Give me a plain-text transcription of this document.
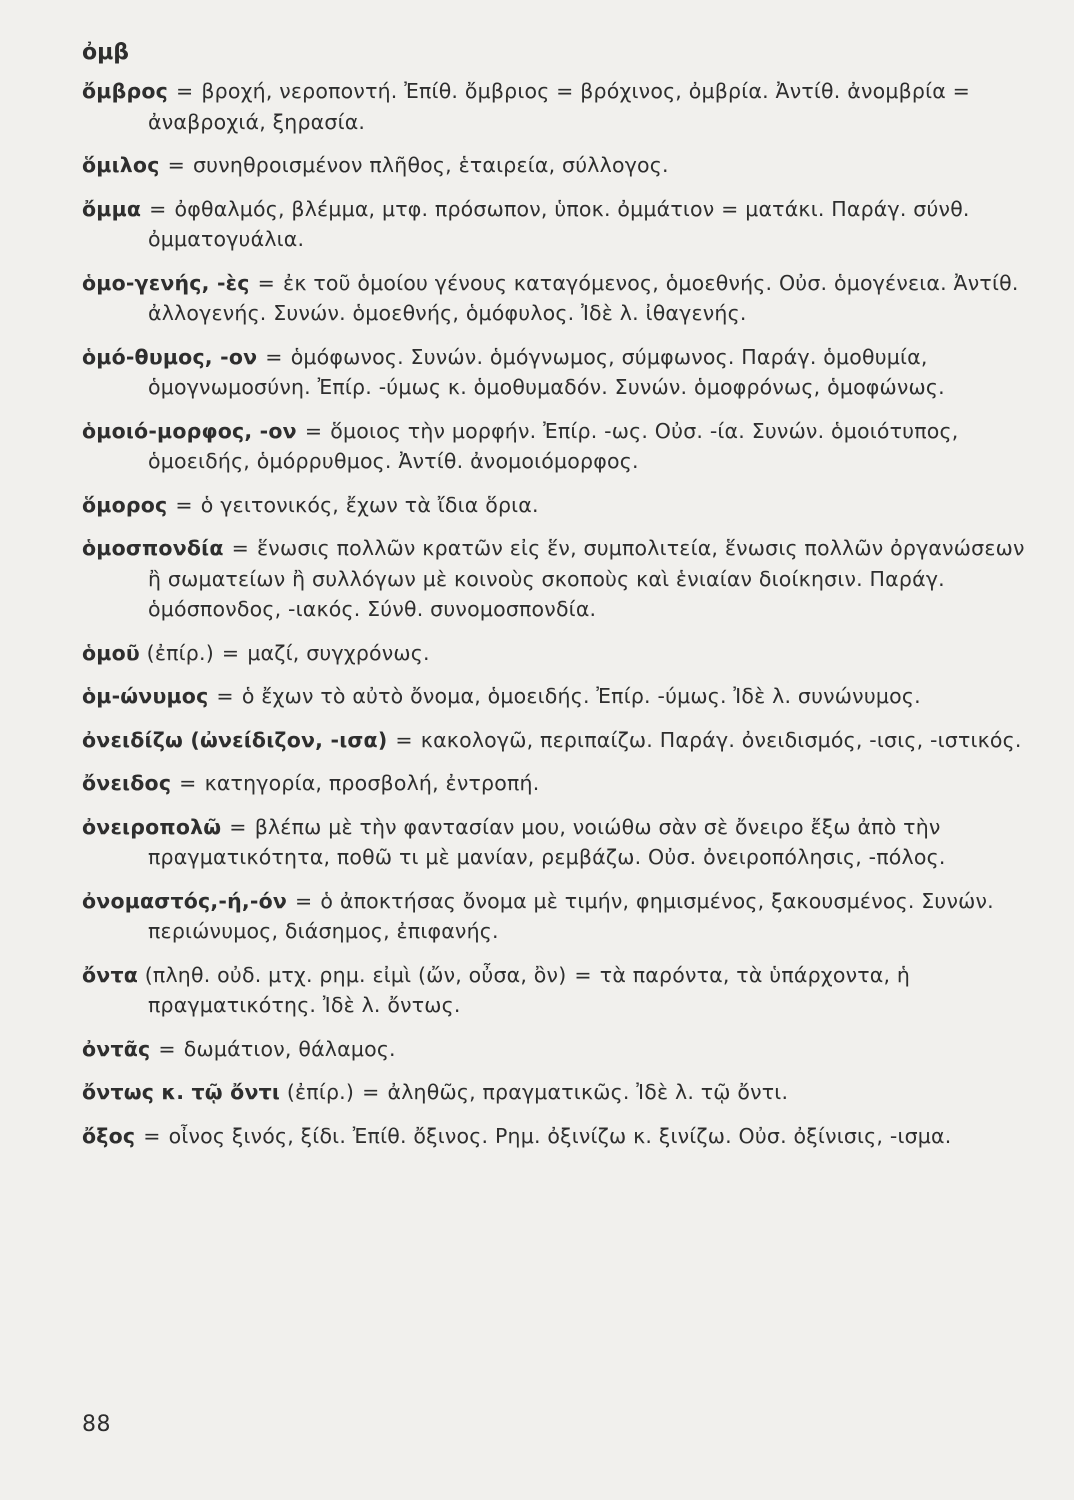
ὀμβ
ὄμβρος = βροχή, νεροποντή. Ἐπίθ. ὄμβριος = βρόχινος, ὀμβρία. Ἀντίθ. ἀνομβρία = ἀναβροχιά, ξηρασία.
ὅμιλος = συνηθροισμένον πλῆθος, ἑταιρεία, σύλλογος.
ὄμμα = ὀφθαλμός, βλέμμα, μτφ. πρόσωπον, ὑποκ. ὀμμάτιον = ματάκι. Παράγ. σύνθ. ὀμματογυάλια.
ὁμο-γενής, -ὲς = ἐκ τοῦ ὁμοίου γένους καταγόμενος, ὁμοεθνής. Οὐσ. ὁμογένεια. Ἀντίθ. ἀλλογενής. Συνών. ὁμοεθνής, ὁμόφυλος. Ἰδὲ λ. ἰθαγενής.
ὁμό-θυμος, -ον = ὁμόφωνος. Συνών. ὁμόγνωμος, σύμφωνος. Παράγ. ὁμοθυμία, ὁμογνωμοσύνη. Ἐπίρ. -ύμως κ. ὁμοθυμαδόν. Συνών. ὁμοφρόνως, ὁμοφώνως.
ὁμοιό-μορφος, -ον = ὅμοιος τὴν μορφήν. Ἐπίρ. -ως. Οὐσ. -ία. Συνών. ὁμοιότυπος, ὁμοειδής, ὁμόρρυθμος. Ἀντίθ. ἀνομοιόμορφος.
ὅμορος = ὁ γειτονικός, ἔχων τὰ ἴδια ὅρια.
ὁμοσπονδία = ἕνωσις πολλῶν κρατῶν εἰς ἕν, συμπολιτεία, ἕνωσις πολλῶν ὀργανώσεων ἢ σωματείων ἢ συλλόγων μὲ κοινοὺς σκοποὺς καὶ ἑνιαίαν διοίκησιν. Παράγ. ὁμόσπονδος, -ιακός. Σύνθ. συνομοσπονδία.
ὁμοῦ (ἐπίρ.) = μαζί, συγχρόνως.
ὁμ-ώνυμος = ὁ ἔχων τὸ αὐτὸ ὄνομα, ὁμοειδής. Ἐπίρ. -ύμως. Ἰδὲ λ. συνώνυμος.
ὀνειδίζω (ὠνείδιζον, -ισα) = κακολογῶ, περιπαίζω. Παράγ. ὀνειδισμός, -ισις, -ιστικός.
ὄνειδος = κατηγορία, προσβολή, ἐντροπή.
ὀνειροπολῶ = βλέπω μὲ τὴν φαντασίαν μου, νοιώθω σὰν σὲ ὄνειρο ἔξω ἀπὸ τὴν πραγματικότητα, ποθῶ τι μὲ μανίαν, ρεμβάζω. Οὐσ. ὀνειροπόλησις, -πόλος.
ὀνομαστός,-ή,-όν = ὁ ἀποκτήσας ὄνομα μὲ τιμήν, φημισμένος, ξακουσμένος. Συνών. περιώνυμος, διάσημος, ἐπιφανής.
ὄντα (πληθ. οὐδ. μτχ. ρημ. εἰμὶ (ὤν, οὖσα, ὂν) = τὰ παρόντα, τὰ ὑπάρχοντα, ἡ πραγματικότης. Ἰδὲ λ. ὄντως.
ὀντᾶς = δωμάτιον, θάλαμος.
ὄντως κ. τῷ ὄντι (ἐπίρ.) = ἀληθῶς, πραγματικῶς. Ἰδὲ λ. τῷ ὄντι.
ὄξος = οἶνος ξινός, ξίδι. Ἐπίθ. ὄξινος. Ρημ. ὀξινίζω κ. ξινίζω. Οὐσ. ὀξίνισις, -ισμα.
88
